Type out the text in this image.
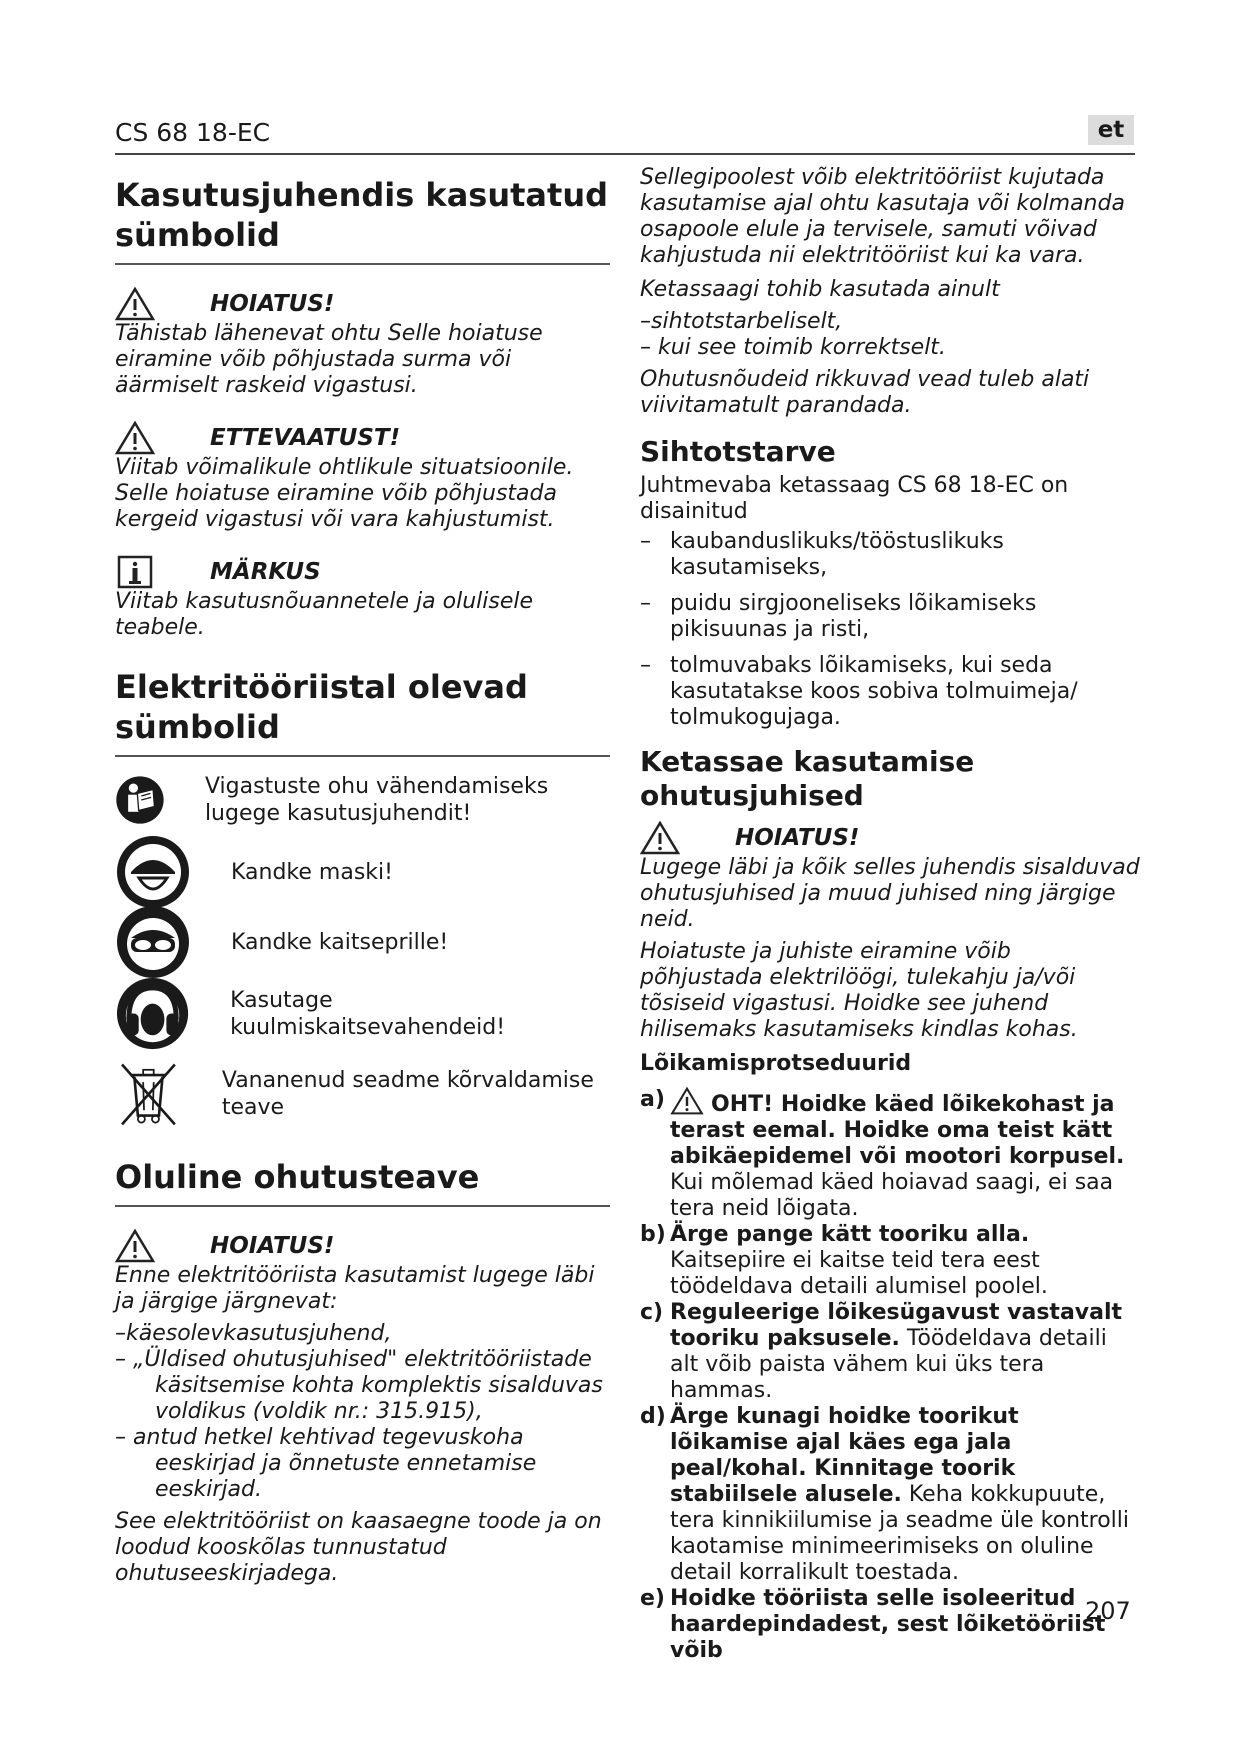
CS 68 18-EC	et
Kasutusjuhendis kasutatud sümbolid
HOIATUS!
Tähistab lähenevat ohtu Selle hoiatuse eiramine võib põhjustada surma või äärmiselt raskeid vigastusi.
ETTEVAATUST!
Viitab võimalikule ohtlikule situatsioonile. Selle hoiatuse eiramine võib põhjustada kergeid vigastusi või vara kahjustumist.
MÄRKUS
Viitab kasutusnõuannetele ja olulisele teabele.
Elektritööriistal olevad sümbolid
Vigastuste ohu vähendamiseks lugege kasutusjuhendit!
Kandke maski!
Kandke kaitseprille!
Kasutage kuulmiskaitsevahendeid!
Vananenud seadme kõrvaldamise teave
Oluline ohutusteave
HOIATUS!
Enne elektritööriista kasutamist lugege läbi ja järgige järgnevat:
–käesolevkasutusjuhend,
– „Üldised ohutusjuhised" elektritööriistade käsitsemise kohta komplektis sisalduvas voldikus (voldik nr.: 315.915),
– antud hetkel kehtivad tegevuskoha eeskirjad ja õnnetuste ennetamise eeskirjad.
See elektritööriist on kaasaegne toode ja on loodud kooskõlas tunnustatud ohutuseeskirjadega.
Sellegipoolest võib elektritööriist kujutada kasutamise ajal ohtu kasutaja või kolmanda osapoole elule ja tervisele, samuti võivad kahjustuda nii elektritööriist kui ka vara.
Ketassaagi tohib kasutada ainult
–sihtotstarbeliselt,
– kui see toimib korrektselt.
Ohutusnõudeid rikkuvad vead tuleb alati viivitamatult parandada.
Sihtotstarve
Juhtmevaba ketassaag CS 68 18-EC on disainitud
– kaubanduslikuks/tööstuslikuks kasutamiseks,
– puidu sirgjooneliseks lõikamiseks pikisuunas ja risti,
– tolmuvabaks lõikamiseks, kui seda kasutatakse koos sobiva tolmuimeja/ tolmukogujaga.
Ketassae kasutamise ohutusjuhised
HOIATUS!
Lugege läbi ja kõik selles juhendis sisalduvad ohutusjuhised ja muud juhised ning järgige neid.
Hoiatuste ja juhiste eiramine võib põhjustada elektrilöögi, tulekahju ja/või tõsiseid vigastusi. Hoidke see juhend hilisemaks kasutamiseks kindlas kohas.
Lõikamisprotseduurid
a) OHT! Hoidke käed lõikekohast ja terast eemal. Hoidke oma teist kätt abikäepidemel või mootori korpusel. Kui mõlemad käed hoiavad saagi, ei saa tera neid lõigata.
b) Ärge pange kätt tooriku alla. Kaitsepiire ei kaitse teid tera eest töödeldava detaili alumisel poolel.
c) Reguleerige lõikesügavust vastavalt tooriku paksusele. Töödeldava detaili alt võib paista vähem kui üks tera hammas.
d) Ärge kunagi hoidke toorikut lõikamise ajal käes ega jala peal/kohal. Kinnitage toorik stabiilsele alusele. Keha kokkupuute, tera kinnikiilumise ja seadme üle kontrolli kaotamise minimeerimiseks on oluline detail korralikult toestada.
e) Hoidke tööriista selle isoleeritud haardepindadest, sest lõiketööriist võib
207
